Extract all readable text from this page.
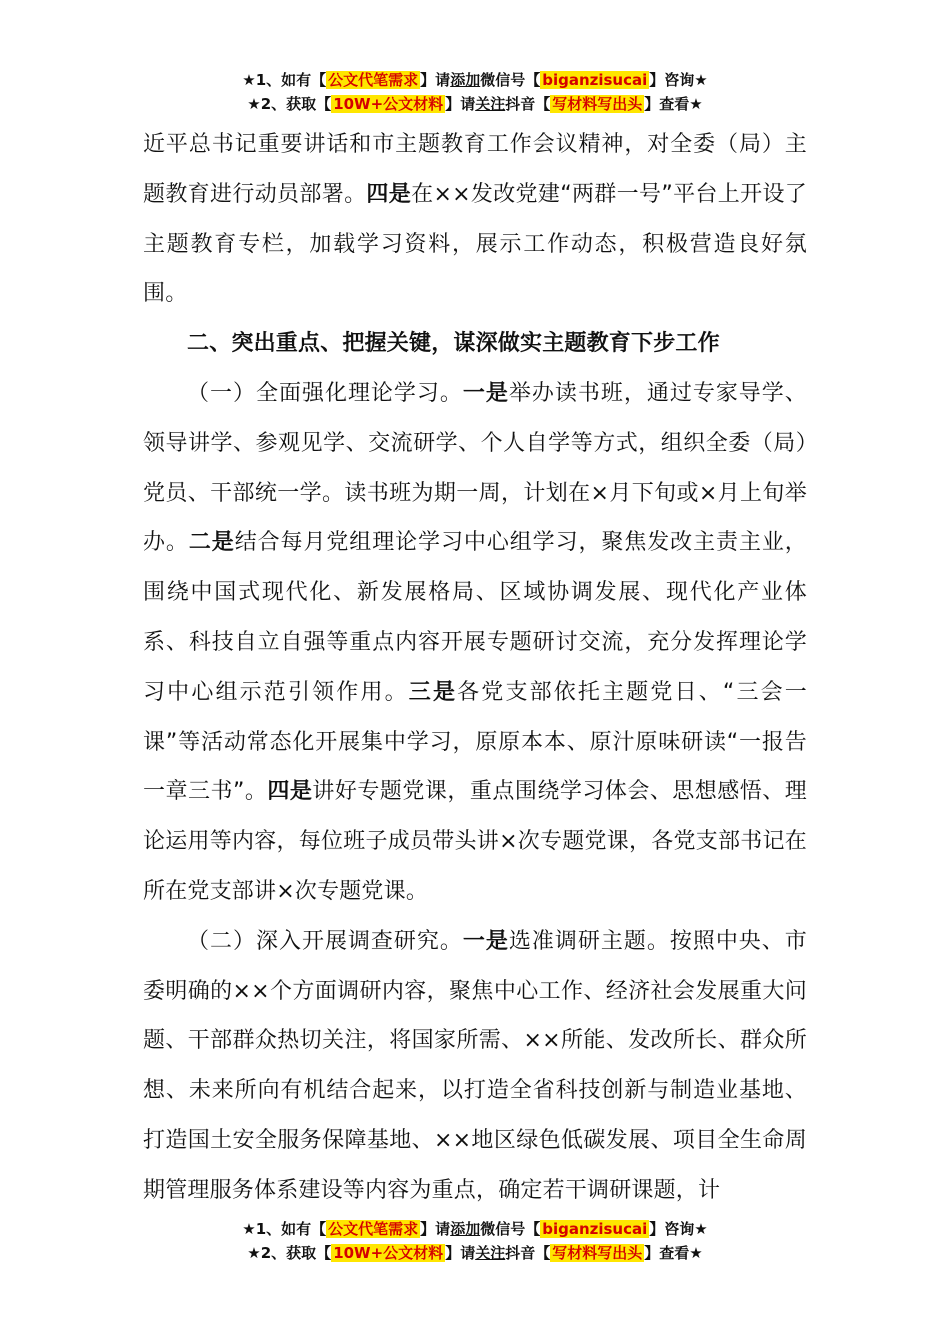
★1、如有【 公文代笔需求 】请添加微信号【 biganzisucai 】咨询★
★2、获取【 10W+公文材料 】请关注抖音【 写材料写出头 】查看★

近平总书记重要讲话和市主题教育工作会议精神，对全委（局）主题教育进行动员部署。四是在××发改党建“两群一号”平台上开设了主题教育专栏，加载学习资料，展示工作动态，积极营造良好氛围。

二、突出重点、把握关键，谋深做实主题教育下步工作

（一）全面强化理论学习。一是举办读书班，通过专家导学、领导讲学、参观见学、交流研学、个人自学等方式，组织全委（局）党员、干部统一学。读书班为期一周，计划在×月下旬或×月上旬举办。二是结合每月党组理论学习中心组学习，聚焦发改主责主业，围绕中国式现代化、新发展格局、区域协调发展、现代化产业体系、科技自立自强等重点内容开展专题研讨交流，充分发挥理论学习中心组示范引领作用。三是各党支部依托主题党日、“三会一课”等活动常态化开展集中学习，原原本本、原汁原味研读“一报告一章三书”。四是讲好专题党课，重点围绕学习体会、思想感悟、理论运用等内容，每位班子成员带头讲×次专题党课，各党支部书记在所在党支部讲×次专题党课。

（二）深入开展调查研究。一是选准调研主题。按照中央、市委明确的××个方面调研内容，聚焦中心工作、经济社会发展重大问题、干部群众热切关注，将国家所需、××所能、发改所长、群众所想、未来所向有机结合起来，以打造全省科技创新与制造业基地、打造国土安全服务保障基地、××地区绿色低碳发展、项目全生命周期管理服务体系建设等内容为重点，确定若干调研课题，计

★1、如有【 公文代笔需求 】请添加微信号【 biganzisucai 】咨询★
★2、获取【 10W+公文材料 】请关注抖音【 写材料写出头 】查看★
